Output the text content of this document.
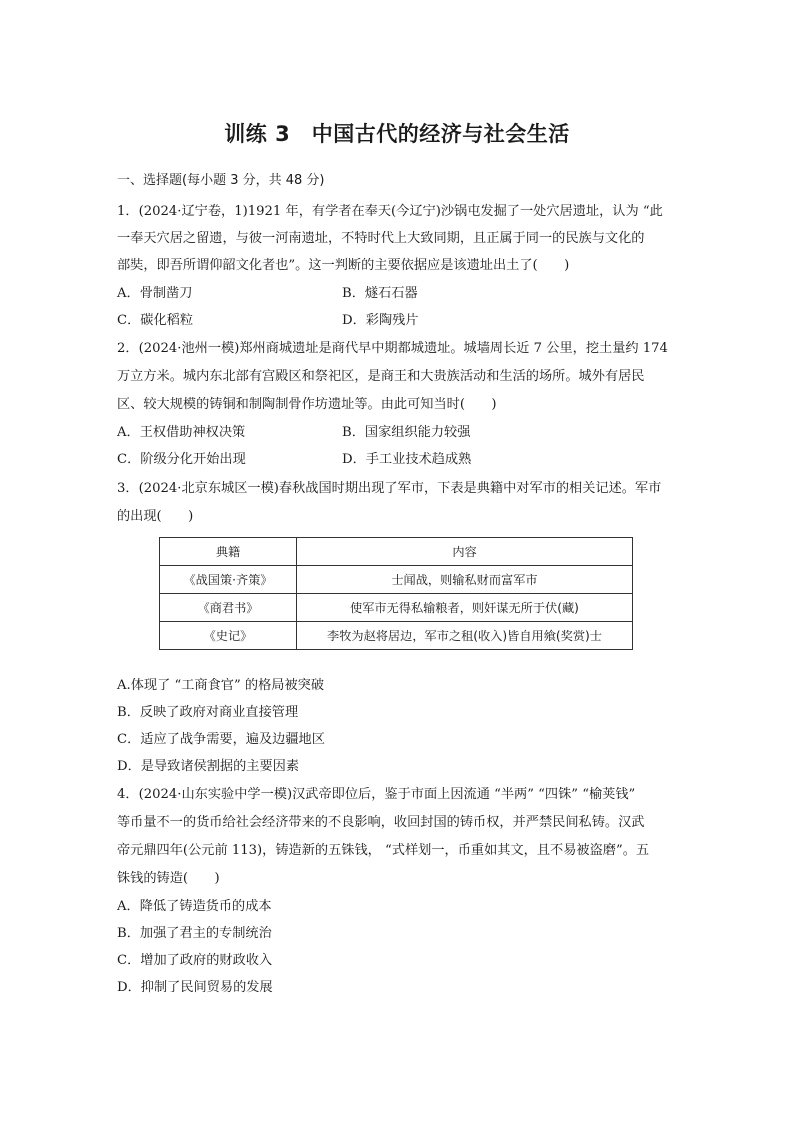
训练 3　中国古代的经济与社会生活
一、选择题(每小题 3 分，共 48 分)
1．(2024·辽宁卷，1)1921 年，有学者在奉天(今辽宁)沙锅屯发掘了一处穴居遗址，认为 “此
一奉天穴居之留遗，与彼一河南遗址，不特时代上大致同期，且正属于同一的民族与文化的
部奘，即吾所谓仰韶文化者也”。这一判断的主要依据应是该遗址出土了(　　)
A．骨制凿刀	B．燧石石器
C．碳化稻粒	D．彩陶残片
2．(2024·池州一模)郑州商城遗址是商代早中期都城遗址。城墙周长近 7 公里，挖土量约 174
万立方米。城内东北部有宫殿区和祭祀区，是商王和大贵族活动和生活的场所。城外有居民
区、较大规模的铸铜和制陶制骨作坊遗址等。由此可知当时(　　)
A．王权借助神权决策	B．国家组织能力较强
C．阶级分化开始出现	D．手工业技术趋成熟
3．(2024·北京东城区一模)春秋战国时期出现了军市，下表是典籍中对军市的相关记述。军市
的出现(　　)
典籍	内容
《战国策·齐策》	士闻战，则输私财而富军市
《商君书》	使军市无得私输粮者，则奸谋无所于伏(藏)
《史记》	李牧为赵将居边，军市之租(收入)皆自用飨(奖赏)士
A.体现了 “工商食官” 的格局被突破
B．反映了政府对商业直接管理
C．适应了战争需要，遍及边疆地区
D．是导致诸侯割据的主要因素
4．(2024·山东实验中学一模)汉武帝即位后，鉴于市面上因流通 “半两” “四铢” “榆荚钱”
等币量不一的货币给社会经济带来的不良影响，收回封国的铸币权，并严禁民间私铸。汉武
帝元鼎四年(公元前 113)，铸造新的五铢钱， “式样划一，币重如其文，且不易被盗磨”。五
铢钱的铸造(　　)
A．降低了铸造货币的成本
B．加强了君主的专制统治
C．增加了政府的财政收入
D．抑制了民间贸易的发展
